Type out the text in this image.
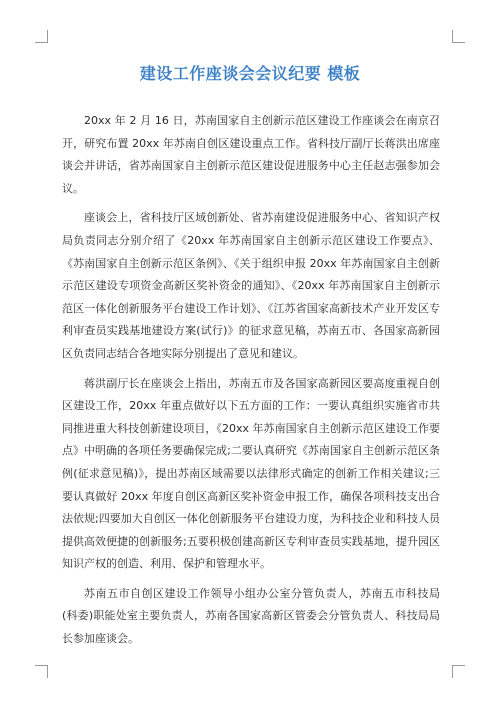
建设工作座谈会会议纪要 模板

20xx 年 2 月 16 日，苏南国家自主创新示范区建设工作座谈会在南京召开，研究布置 20xx 年苏南自创区建设重点工作。省科技厅副厅长蒋洪出席座谈会并讲话，省苏南国家自主创新示范区建设促进服务中心主任赵志强参加会议。

座谈会上，省科技厅区域创新处、省苏南建设促进服务中心、省知识产权局负责同志分别介绍了《20xx 年苏南国家自主创新示范区建设工作要点》、《苏南国家自主创新示范区条例》、《关于组织申报 20xx 年苏南国家自主创新示范区建设专项资金高新区奖补资金的通知》、《20xx 年苏南国家自主创新示范区一体化创新服务平台建设工作计划》、《江苏省国家高新技术产业开发区专利审查员实践基地建设方案(试行)》的征求意见稿，苏南五市、各国家高新园区负责同志结合各地实际分别提出了意见和建议。

蒋洪副厅长在座谈会上指出，苏南五市及各国家高新园区要高度重视自创区建设工作，20xx 年重点做好以下五方面的工作：一要认真组织实施省市共同推进重大科技创新建设项目，《20xx 年苏南国家自主创新示范区建设工作要点》中明确的各项任务要确保完成;二要认真研究《苏南国家自主创新示范区条例(征求意见稿)》，提出苏南区域需要以法律形式确定的创新工作相关建议;三要认真做好 20xx 年度自创区高新区奖补资金申报工作，确保各项科技支出合法依规;四要加大自创区一体化创新服务平台建设力度，为科技企业和科技人员提供高效便捷的创新服务;五要积极创建高新区专利审查员实践基地，提升园区知识产权的创造、利用、保护和管理水平。

苏南五市自创区建设工作领导小组办公室分管负责人，苏南五市科技局(科委)职能处室主要负责人，苏南各国家高新区管委会分管负责人、科技局局长参加座谈会。
